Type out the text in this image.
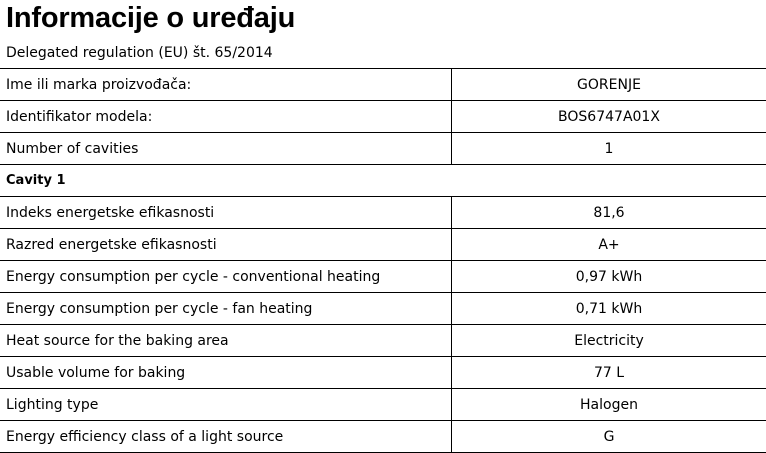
Informacije o uređaju
Delegated regulation (EU) št. 65/2014
Ime ili marka proizvođača:	GORENJE
Identifikator modela:	BOS6747A01X
Number of cavities	1
Cavity 1	
Indeks energetske efikasnosti	81,6
Razred energetske efikasnosti	A+
Energy consumption per cycle - conventional heating	0,97 kWh
Energy consumption per cycle - fan heating	0,71 kWh
Heat source for the baking area	Electricity
Usable volume for baking	77 L
Lighting type	Halogen
Energy efficiency class of a light source	G
